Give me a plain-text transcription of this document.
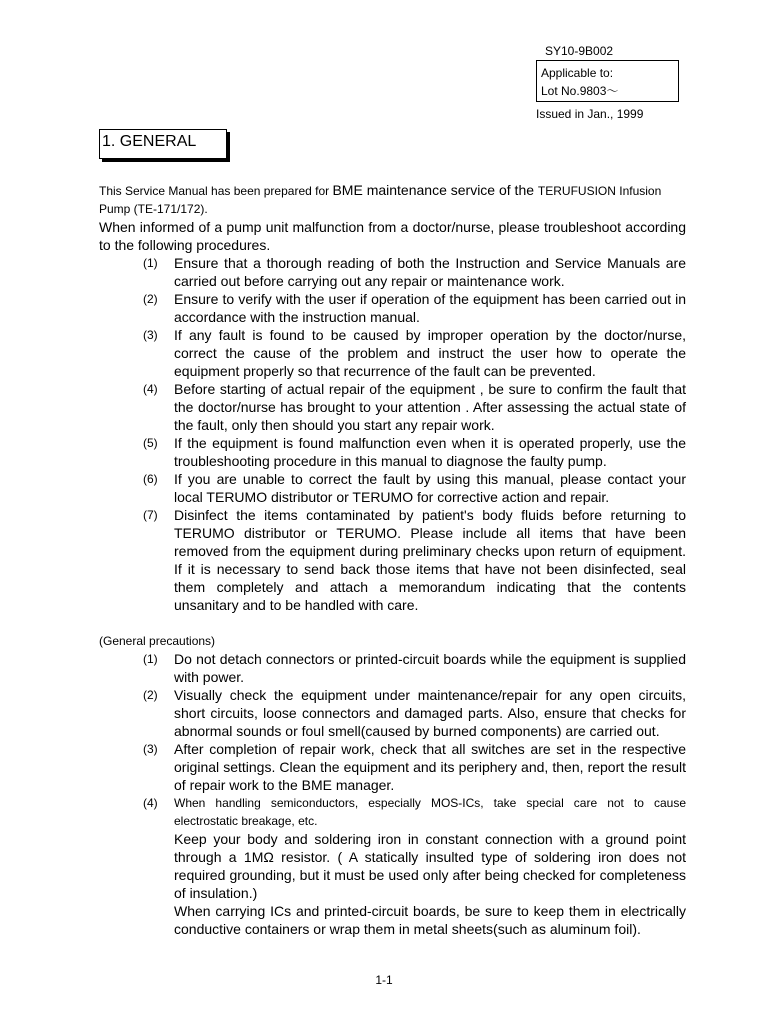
SY10-9B002
Applicable to:
Lot No.9803～
Issued in Jan., 1999
1. GENERAL
This Service Manual has been prepared for BME maintenance service of the TERUFUSION Infusion Pump (TE-171/172).
When informed of a pump unit malfunction from a doctor/nurse, please troubleshoot according to the following procedures.
(1)	Ensure that a thorough reading of both the Instruction and Service Manuals are carried out before carrying out any repair or maintenance work.
(2)	Ensure to verify with the user if operation of the equipment has been carried out in accordance with the instruction manual.
(3)	If any fault is found to be caused by improper operation by the doctor/nurse, correct the cause of the problem and instruct the user how to operate the equipment properly so that recurrence of the fault can be prevented.
(4)	Before starting of actual repair of the equipment , be sure to confirm the fault that the doctor/nurse has brought to your attention . After assessing the actual state of the fault, only then should you start any repair work.
(5)	If the equipment is found malfunction even when it is operated properly, use the troubleshooting procedure in this manual to diagnose the faulty pump.
(6)	If you are unable to correct the fault by using this manual, please contact your local TERUMO distributor or TERUMO for corrective action and repair.
(7)	Disinfect the items contaminated by patient's body fluids before returning to TERUMO distributor or TERUMO. Please include all items that have been removed from the equipment during preliminary checks upon return of equipment. If it is necessary to send back those items that have not been disinfected, seal them completely and attach a memorandum indicating that the contents unsanitary and to be handled with care.
(General precautions)
(1)	Do not detach connectors or printed-circuit boards while the equipment is supplied with power.
(2)	Visually check the equipment under maintenance/repair for any open circuits, short circuits, loose connectors and damaged parts. Also, ensure that checks for abnormal sounds or foul smell(caused by burned components) are carried out.
(3)	After completion of repair work, check that all switches are set in the respective original settings. Clean the equipment and its periphery and, then, report the result of repair work to the BME manager.
(4)	When handling semiconductors, especially MOS-ICs, take special care not to cause electrostatic breakage, etc.
Keep your body and soldering iron in constant connection with a ground point through a 1MΩ resistor. ( A statically insulted type of soldering iron does not required grounding, but it must be used only after being checked for completeness of insulation.)
When carrying ICs and printed-circuit boards, be sure to keep them in electrically conductive containers or wrap them in metal sheets(such as aluminum foil).
1-1
